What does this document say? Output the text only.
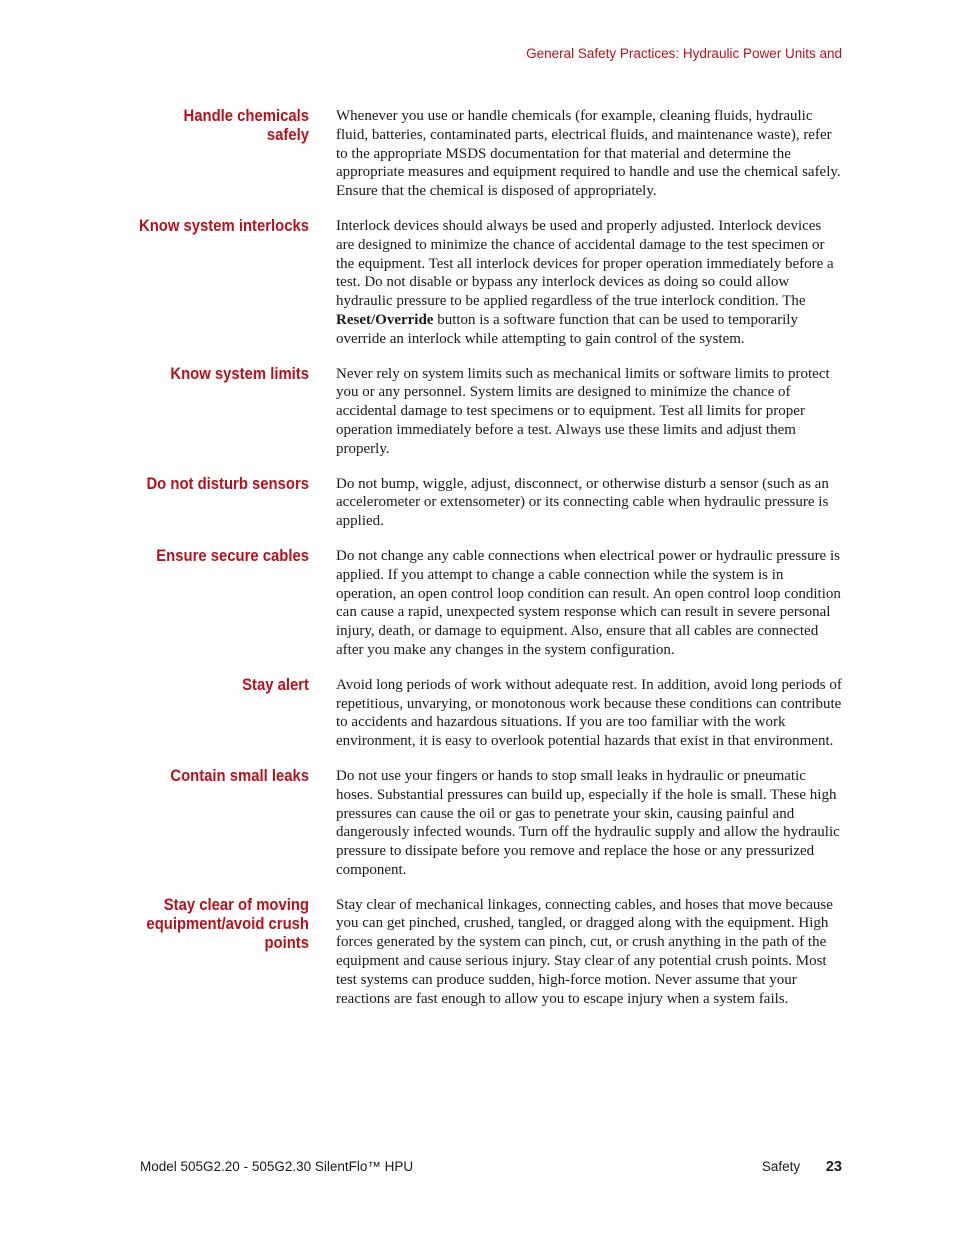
General Safety Practices: Hydraulic Power Units and
Handle chemicals safely
Whenever you use or handle chemicals (for example, cleaning fluids, hydraulic fluid, batteries, contaminated parts, electrical fluids, and maintenance waste), refer to the appropriate MSDS documentation for that material and determine the appropriate measures and equipment required to handle and use the chemical safely. Ensure that the chemical is disposed of appropriately.
Know system interlocks Interlock devices should always be used and properly adjusted. Interlock devices are designed to minimize the chance of accidental damage to the test specimen or the equipment. Test all interlock devices for proper operation immediately before a test. Do not disable or bypass any interlock devices as doing so could allow hydraulic pressure to be applied regardless of the true interlock condition. The Reset/Override button is a software function that can be used to temporarily override an interlock while attempting to gain control of the system.
Know system limits Never rely on system limits such as mechanical limits or software limits to protect you or any personnel. System limits are designed to minimize the chance of accidental damage to test specimens or to equipment. Test all limits for proper operation immediately before a test. Always use these limits and adjust them properly.
Do not disturb sensors Do not bump, wiggle, adjust, disconnect, or otherwise disturb a sensor (such as an accelerometer or extensometer) or its connecting cable when hydraulic pressure is applied.
Ensure secure cables Do not change any cable connections when electrical power or hydraulic pressure is applied. If you attempt to change a cable connection while the system is in operation, an open control loop condition can result. An open control loop condition can cause a rapid, unexpected system response which can result in severe personal injury, death, or damage to equipment. Also, ensure that all cables are connected after you make any changes in the system configuration.
Stay alert Avoid long periods of work without adequate rest. In addition, avoid long periods of repetitious, unvarying, or monotonous work because these conditions can contribute to accidents and hazardous situations. If you are too familiar with the work environment, it is easy to overlook potential hazards that exist in that environment.
Contain small leaks Do not use your fingers or hands to stop small leaks in hydraulic or pneumatic hoses. Substantial pressures can build up, especially if the hole is small. These high pressures can cause the oil or gas to penetrate your skin, causing painful and dangerously infected wounds. Turn off the hydraulic supply and allow the hydraulic pressure to dissipate before you remove and replace the hose or any pressurized component.
Stay clear of moving equipment/avoid crush points
Stay clear of mechanical linkages, connecting cables, and hoses that move because you can get pinched, crushed, tangled, or dragged along with the equipment. High forces generated by the system can pinch, cut, or crush anything in the path of the equipment and cause serious injury. Stay clear of any potential crush points. Most test systems can produce sudden, high-force motion. Never assume that your reactions are fast enough to allow you to escape injury when a system fails.
Model 505G2.20 - 505G2.30 SilentFlo™ HPU	Safety 23
